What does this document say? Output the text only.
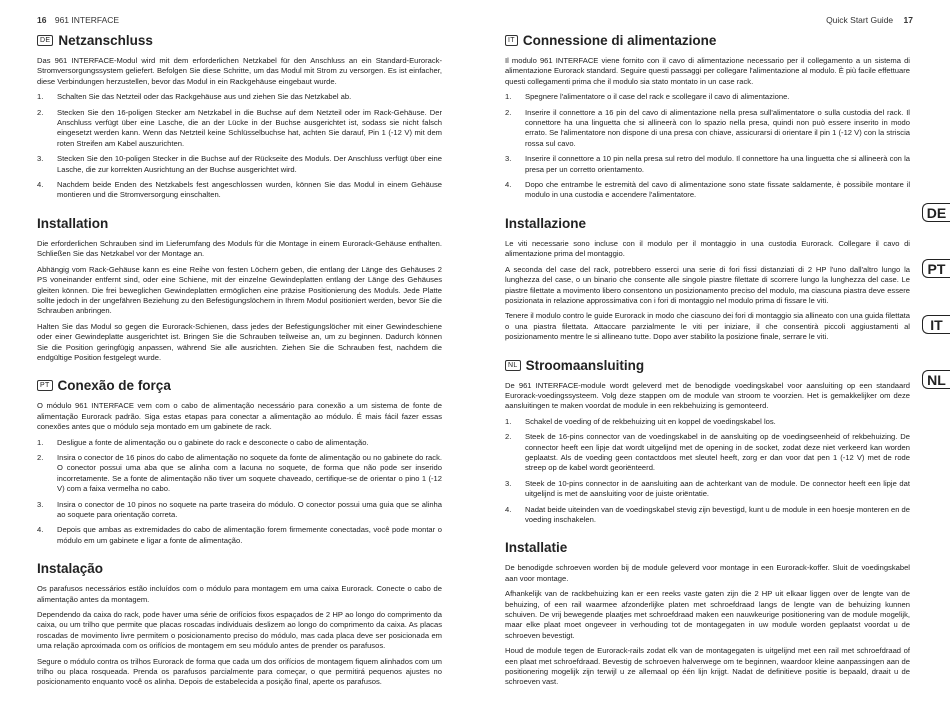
16 961 INTERFACE	Quick Start Guide 17
DE Netzanschluss

Das 961 INTERFACE-Modul wird mit dem erforderlichen Netzkabel für den Anschluss an ein Standard-Eurorack-Stromversorgungssystem geliefert. Befolgen Sie diese Schritte, um das Modul mit Strom zu versorgen. Es ist einfacher, diese Verbindungen herzustellen, bevor das Modul in ein Rackgehäuse eingebaut wurde.

1.	Schalten Sie das Netzteil oder das Rackgehäuse aus und ziehen Sie das Netzkabel ab.
2.	Stecken Sie den 16-poligen Stecker am Netzkabel in die Buchse auf dem Netzteil oder im Rack-Gehäuse. Der Anschluss verfügt über eine Lasche, die an der Lücke in der Buchse ausgerichtet ist, sodass sie nicht falsch eingesetzt werden kann. Wenn das Netzteil keine Schlüsselbuchse hat, achten Sie darauf, Pin 1 (-12 V) mit dem roten Streifen am Kabel auszurichten.
3.	Stecken Sie den 10-poligen Stecker in die Buchse auf der Rückseite des Moduls. Der Anschluss verfügt über eine Lasche, die zur korrekten Ausrichtung an der Buchse ausgerichtet wird.
4.	Nachdem beide Enden des Netzkabels fest angeschlossen wurden, können Sie das Modul in einem Gehäuse montieren und die Stromversorgung einschalten.
Installation

Die erforderlichen Schrauben sind im Lieferumfang des Moduls für die Montage in einem Eurorack-Gehäuse enthalten. Schließen Sie das Netzkabel vor der Montage an.

Abhängig vom Rack-Gehäuse kann es eine Reihe von festen Löchern geben, die entlang der Länge des Gehäuses 2 PS voneinander entfernt sind, oder eine Schiene, mit der einzelne Gewindeplatten entlang der Länge des Gehäuses gleiten können. Die frei beweglichen Gewindeplatten ermöglichen eine präzise Positionierung des Moduls. Jede Platte sollte jedoch in der ungefähren Beziehung zu den Befestigungslöchern in Ihrem Modul positioniert werden, bevor Sie die Schrauben anbringen.

Halten Sie das Modul so gegen die Eurorack-Schienen, dass jedes der Befestigungslöcher mit einer Gewindeschiene oder einer Gewindeplatte ausgerichtet ist. Bringen Sie die Schrauben teilweise an, um zu beginnen. Dadurch können Sie die Position geringfügig anpassen, während Sie alle ausrichten. Ziehen Sie die Schrauben fest, nachdem die endgültige Position festgelegt wurde.

PT Conexão de força

O módulo 961 INTERFACE vem com o cabo de alimentação necessário para conexão a um sistema de fonte de alimentação Eurorack padrão. Siga estas etapas para conectar a alimentação ao módulo. É mais fácil fazer essas conexões antes que o módulo seja montado em um gabinete de rack.

1.	Desligue a fonte de alimentação ou o gabinete do rack e desconecte o cabo de alimentação.
2.	Insira o conector de 16 pinos do cabo de alimentação no soquete da fonte de alimentação ou no gabinete do rack. O conector possui uma aba que se alinha com a lacuna no soquete, de forma que não pode ser inserido incorretamente. Se a fonte de alimentação não tiver um soquete chaveado, certifique-se de orientar o pino 1 (-12 V) com a faixa vermelha no cabo.
3.	Insira o conector de 10 pinos no soquete na parte traseira do módulo. O conector possui uma guia que se alinha ao soquete para orientação correta.
4.	Depois que ambas as extremidades do cabo de alimentação forem firmemente conectadas, você pode montar o módulo em um gabinete e ligar a fonte de alimentação.
Instalação

Os parafusos necessários estão incluídos com o módulo para montagem em uma caixa Eurorack. Conecte o cabo de alimentação antes da montagem.

Dependendo da caixa do rack, pode haver uma série de orifícios fixos espaçados de 2 HP ao longo do comprimento da caixa, ou um trilho que permite que placas roscadas individuais deslizem ao longo do comprimento da caixa. As placas roscadas de movimento livre permitem o posicionamento preciso do módulo, mas cada placa deve ser posicionada em uma relação aproximada com os orifícios de montagem em seu módulo antes de prender os parafusos.

Segure o módulo contra os trilhos Eurorack de forma que cada um dos orifícios de montagem fiquem alinhados com um trilho ou placa rosqueada. Prenda os parafusos parcialmente para começar, o que permitirá pequenos ajustes no posicionamento enquanto você os alinha. Depois de estabelecida a posição final, aperte os parafusos.

IT Connessione di alimentazione

Il modulo 961 INTERFACE viene fornito con il cavo di alimentazione necessario per il collegamento a un sistema di alimentazione Eurorack standard. Seguire questi passaggi per collegare l'alimentazione al modulo. È più facile effettuare questi collegamenti prima che il modulo sia stato montato in un case rack.

1.	Spegnere l'alimentatore o il case del rack e scollegare il cavo di alimentazione.
2.	Inserire il connettore a 16 pin del cavo di alimentazione nella presa sull'alimentatore o sulla custodia del rack. Il connettore ha una linguetta che si allineerà con lo spazio nella presa, quindi non può essere inserito in modo errato. Se l'alimentatore non dispone di una presa con chiave, assicurarsi di orientare il pin 1 (-12 V) con la striscia rossa sul cavo.
3.	Inserire il connettore a 10 pin nella presa sul retro del modulo. Il connettore ha una linguetta che si allineerà con la presa per un corretto orientamento.
4.	Dopo che entrambe le estremità del cavo di alimentazione sono state fissate saldamente, è possibile montare il modulo in una custodia e accendere l'alimentatore.
Installazione

Le viti necessarie sono incluse con il modulo per il montaggio in una custodia Eurorack. Collegare il cavo di alimentazione prima del montaggio.

A seconda del case del rack, potrebbero esserci una serie di fori fissi distanziati di 2 HP l'uno dall'altro lungo la lunghezza del case, o un binario che consente alle singole piastre filettate di scorrere lungo la lunghezza del case. Le piastre filettate a movimento libero consentono un posizionamento preciso del modulo, ma ciascuna piastra deve essere posizionata in relazione approssimativa con i fori di montaggio nel modulo prima di fissare le viti.

Tenere il modulo contro le guide Eurorack in modo che ciascuno dei fori di montaggio sia allineato con una guida filettata o una piastra filettata. Attaccare parzialmente le viti per iniziare, il che consentirà piccoli aggiustamenti al posizionamento mentre le si allineano tutte. Dopo aver stabilito la posizione finale, serrare le viti.

NL Stroomaansluiting

De 961 INTERFACE-module wordt geleverd met de benodigde voedingskabel voor aansluiting op een standaard Eurorack-voedingssysteem. Volg deze stappen om de module van stroom te voorzien. Het is gemakkelijker om deze aansluitingen te maken voordat de module in een rekbehuizing is gemonteerd.

1.	Schakel de voeding of de rekbehuizing uit en koppel de voedingskabel los.
2.	Steek de 16-pins connector van de voedingskabel in de aansluiting op de voedingseenheid of rekbehuizing. De connector heeft een lipje dat wordt uitgelijnd met de opening in de socket, zodat deze niet verkeerd kan worden geplaatst. Als de voeding geen contactdoos met sleutel heeft, zorg er dan voor dat pen 1 (-12 V) met de rode streep op de kabel wordt georiënteerd.
3.	Steek de 10-pins connector in de aansluiting aan de achterkant van de module. De connector heeft een lipje dat uitgelijnd is met de aansluiting voor de juiste oriëntatie.
4.	Nadat beide uiteinden van de voedingskabel stevig zijn bevestigd, kunt u de module in een hoesje monteren en de voeding inschakelen.
Installatie

De benodigde schroeven worden bij de module geleverd voor montage in een Eurorack-koffer. Sluit de voedingskabel aan voor montage.

Afhankelijk van de rackbehuizing kan er een reeks vaste gaten zijn die 2 HP uit elkaar liggen over de lengte van de behuizing, of een rail waarmee afzonderlijke platen met schroefdraad langs de lengte van de behuizing kunnen schuiven. De vrij bewegende plaatjes met schroefdraad maken een nauwkeurige positionering van de module mogelijk, maar elke plaat moet ongeveer in verhouding tot de montagegaten in uw module worden geplaatst voordat u de schroeven bevestigt.

Houd de module tegen de Eurorack-rails zodat elk van de montagegaten is uitgelijnd met een rail met schroefdraad of een plaat met schroefdraad. Bevestig de schroeven halverwege om te beginnen, waardoor kleine aanpassingen aan de positionering mogelijk zijn terwijl u ze allemaal op één lijn krijgt. Nadat de definitieve positie is bepaald, draait u de schroeven vast.

DE
PT
IT
NL
